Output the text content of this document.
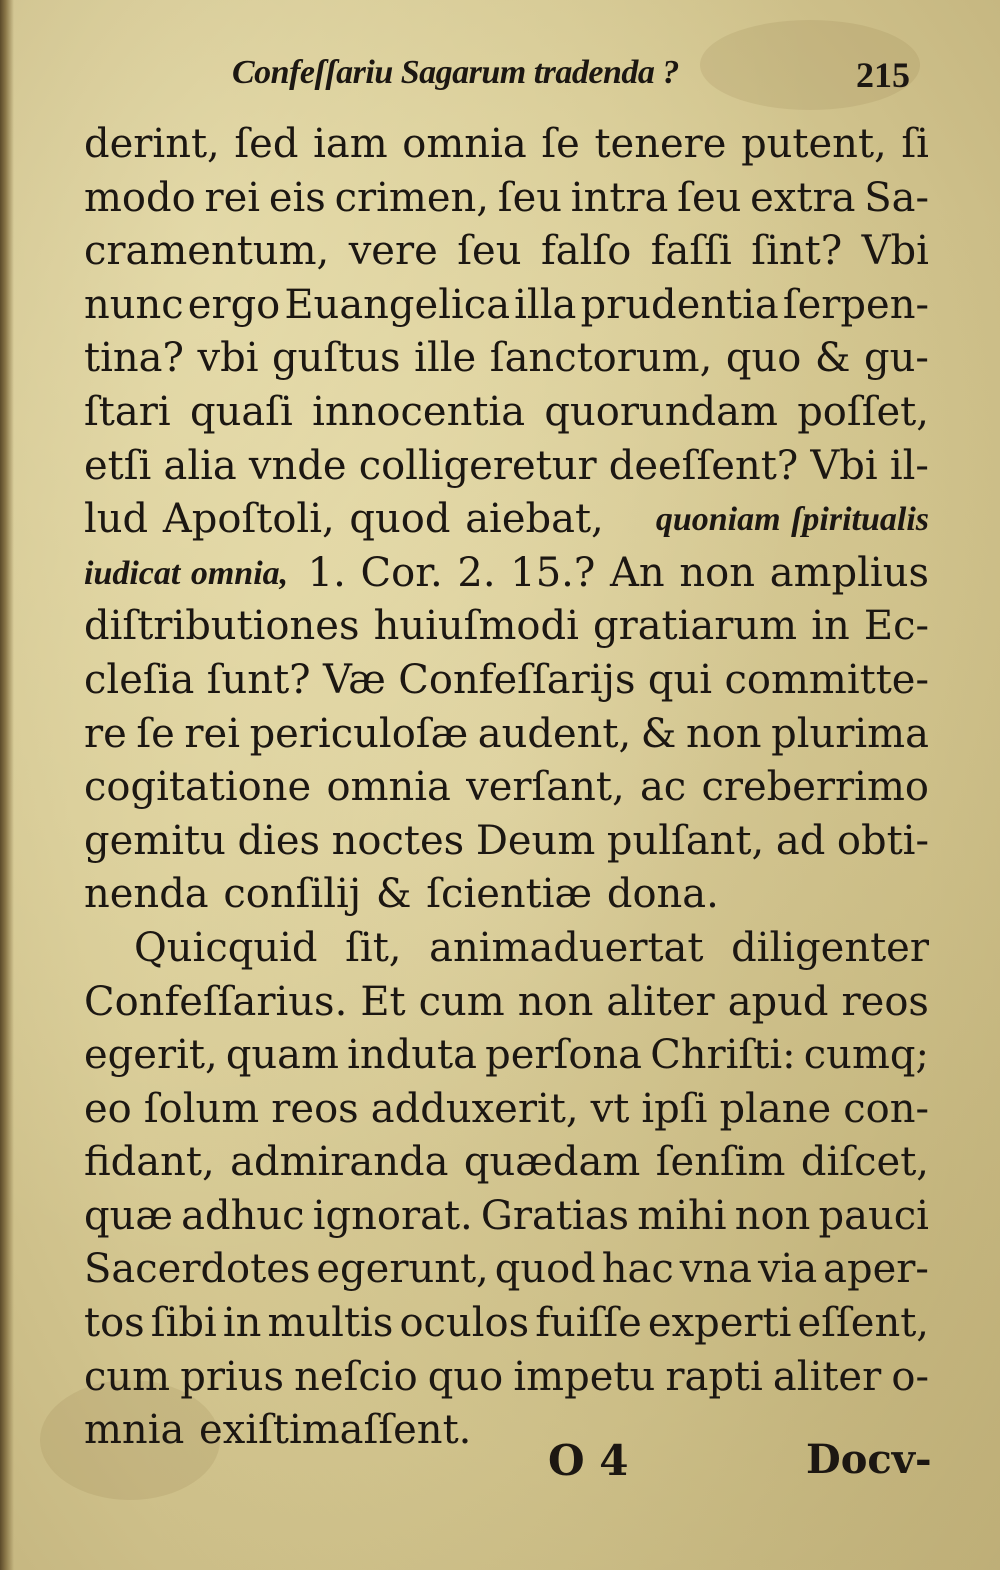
Confeſſariu Sagarum tradenda ?	215
derint, ſed iam omnia ſe tenere putent, ſi
modo rei eis crimen, ſeu intra ſeu extra Sa-
cramentum, vere ſeu falſo faſſi ſint? Vbi
nunc ergo Euangelica illa prudentia ſerpen-
tina? vbi guſtus ille ſanctorum, quo & gu-
ſtari quaſi innocentia quorundam poſſet,
etſi alia vnde colligeretur deeſſent? Vbi il-
lud Apoſtoli, quod aiebat, quoniam ſpiritualis
iudicat omnia, 1. Cor. 2. 15.? An non amplius
diſtributiones huiuſmodi gratiarum in Ec-
cleſia ſunt? Væ Confeſſarijs qui committe-
re ſe rei periculoſæ audent, & non plurima
cogitatione omnia verſant, ac creberrimo
gemitu dies noctes Deum pulſant, ad obti-
nenda conſilij & ſcientiæ dona.
Quicquid ſit, animaduertat diligenter
Confeſſarius. Et cum non aliter apud reos
egerit, quam induta perſona Chriſti: cumq;
eo ſolum reos adduxerit, vt ipſi plane con-
fidant, admiranda quædam ſenſim diſcet,
quæ adhuc ignorat. Gratias mihi non pauci
Sacerdotes egerunt, quod hac vna via aper-
tos ſibi in multis oculos fuiſſe experti eſſent,
cum prius neſcio quo impetu rapti aliter o-
mnia exiſtimaſſent.
O 4	Docv-
